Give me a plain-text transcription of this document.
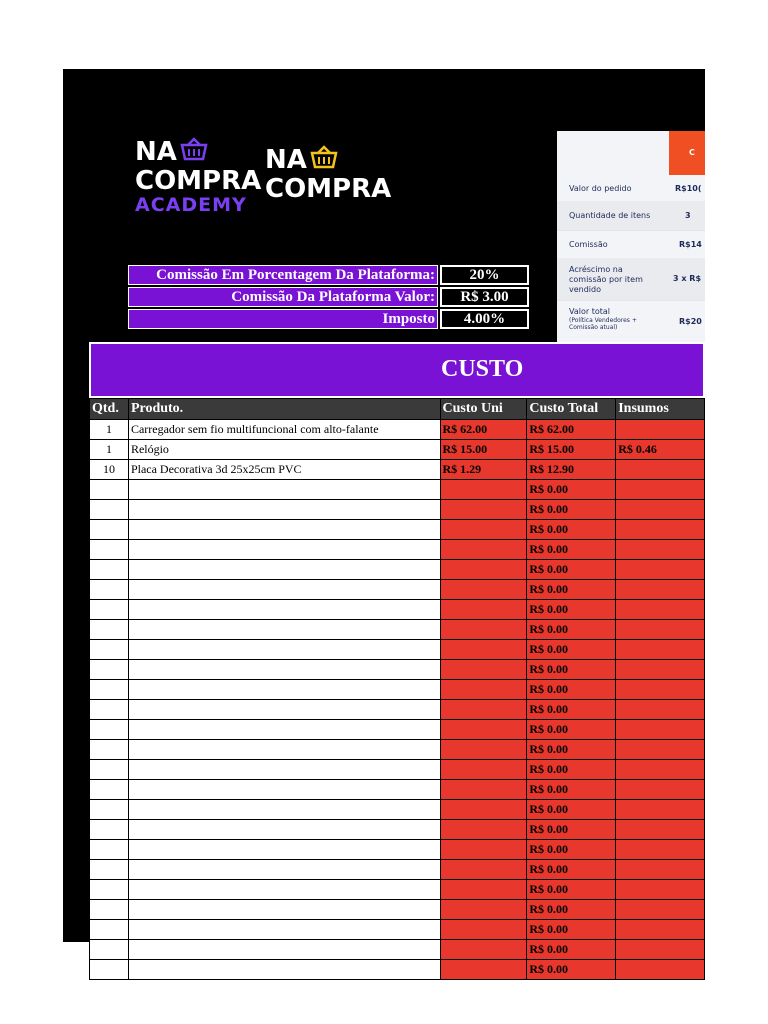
NA
COMPRA
ACADEMY
NA
COMPRA
Comissão Em Porcentagem Da Plataforma:	20%
Comissão Da Plataforma Valor:	R$ 3.00
Imposto	4.00%
C
Valor do pedido	R$10(
Quantidade de itens	3
Comissão	R$14
Acréscimo na comissão por item vendido
3 x R$
Valor total
(Política Vendedores + Comissão atual)
R$20
CUSTO
Qtd.	Produto.	Custo Uni	Custo Total	Insumos
1	Carregador sem fio multifuncional com alto-falante	R$ 62.00	R$ 62.00	
1	Relógio	R$ 15.00	R$ 15.00	R$ 0.46
10	Placa Decorativa 3d 25x25cm PVC	R$ 1.29	R$ 12.90	
			R$ 0.00	
			R$ 0.00	
			R$ 0.00	
			R$ 0.00	
			R$ 0.00	
			R$ 0.00	
			R$ 0.00	
			R$ 0.00	
			R$ 0.00	
			R$ 0.00	
			R$ 0.00	
			R$ 0.00	
			R$ 0.00	
			R$ 0.00	
			R$ 0.00	
			R$ 0.00	
			R$ 0.00	
			R$ 0.00	
			R$ 0.00	
			R$ 0.00	
			R$ 0.00	
			R$ 0.00	
			R$ 0.00	
			R$ 0.00	
			R$ 0.00	
